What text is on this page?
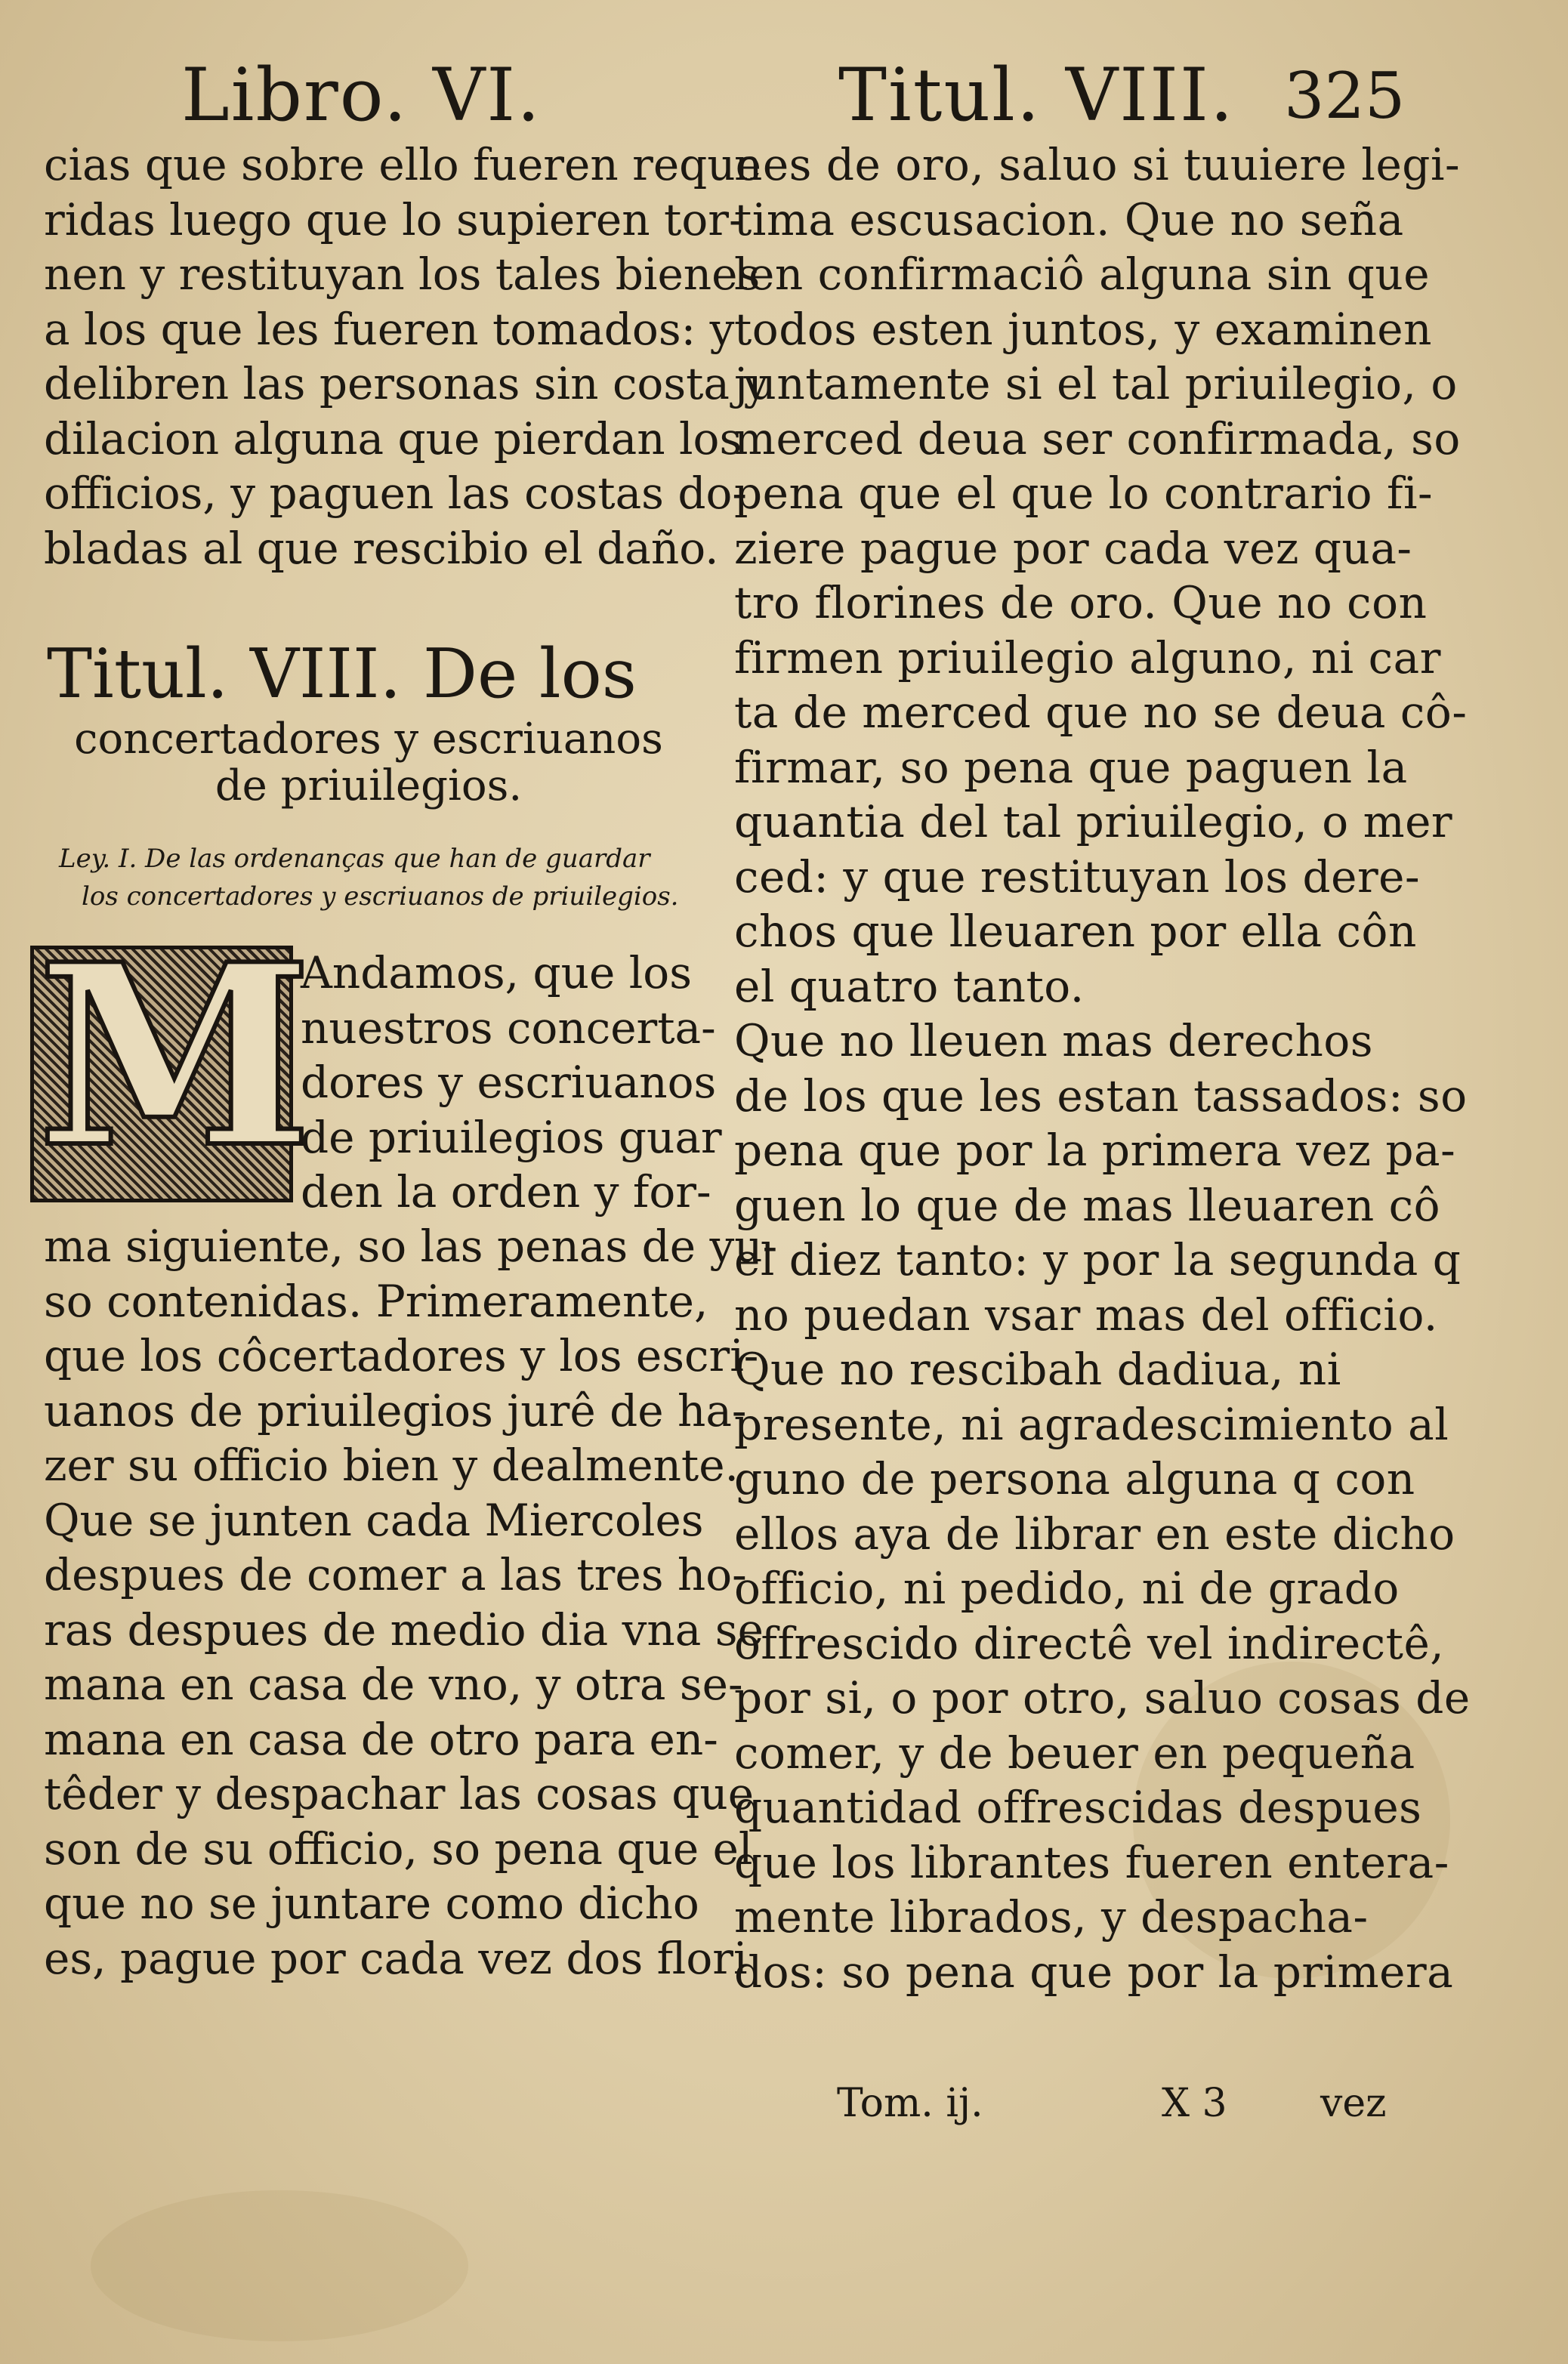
Libro. VI.	Titul. VIII. 325
cias que sobre ello fueren reque
ridas luego que lo supieren tor-
nen y restituyan los tales bienes
a los que les fueren tomados: y
delibren las personas sin costa y
dilacion alguna que pierdan los
officios, y paguen las costas do-
bladas al que rescibio el daño.
Titul. VIII. De los
concertadores y escriuanos
de priuilegios.
Ley. I. De las ordenanças que han de guardar
los concertadores y escriuanos de priuilegios.
M
Andamos, que los
nuestros concerta-
dores y escriuanos
de priuilegios guar
den la orden y for-
ma siguiente, so las penas de yu-
so contenidas. Primeramente,
que los côcertadores y los escri-
uanos de priuilegios jurê de ha-
zer su officio bien y dealmente.
Que se junten cada Miercoles
despues de comer a las tres ho-
ras despues de medio dia vna se
mana en casa de vno, y otra se-
mana en casa de otro para en-
têder y despachar las cosas que
son de su officio, so pena que el
que no se juntare como dicho
es, pague por cada vez dos flori
nes de oro, saluo si tuuiere legi-
tima escusacion. Que no seña
len confirmaciô alguna sin que
todos esten juntos, y examinen
juntamente si el tal priuilegio, o
merced deua ser confirmada, so
pena que el que lo contrario fi-
ziere pague por cada vez qua-
tro florines de oro. Que no con
firmen priuilegio alguno, ni car
ta de merced que no se deua cô-
firmar, so pena que paguen la
quantia del tal priuilegio, o mer
ced: y que restituyan los dere-
chos que lleuaren por ella côn
el quatro tanto.
Que no lleuen mas derechos
de los que les estan tassados: so
pena que por la primera vez pa-
guen lo que de mas lleuaren cô
el diez tanto: y por la segunda q
no puedan vsar mas del officio.
Que no rescibah dadiua, ni
presente, ni agradescimiento al
guno de persona alguna q con
ellos aya de librar en este dicho
officio, ni pedido, ni de grado
offrescido directê vel indirectê,
por si, o por otro, saluo cosas de
comer, y de beuer en pequeña
quantidad offrescidas despues
que los librantes fueren entera-
mente librados, y despacha-
dos: so pena que por la primera
Tom. ij.	X 3 vez
